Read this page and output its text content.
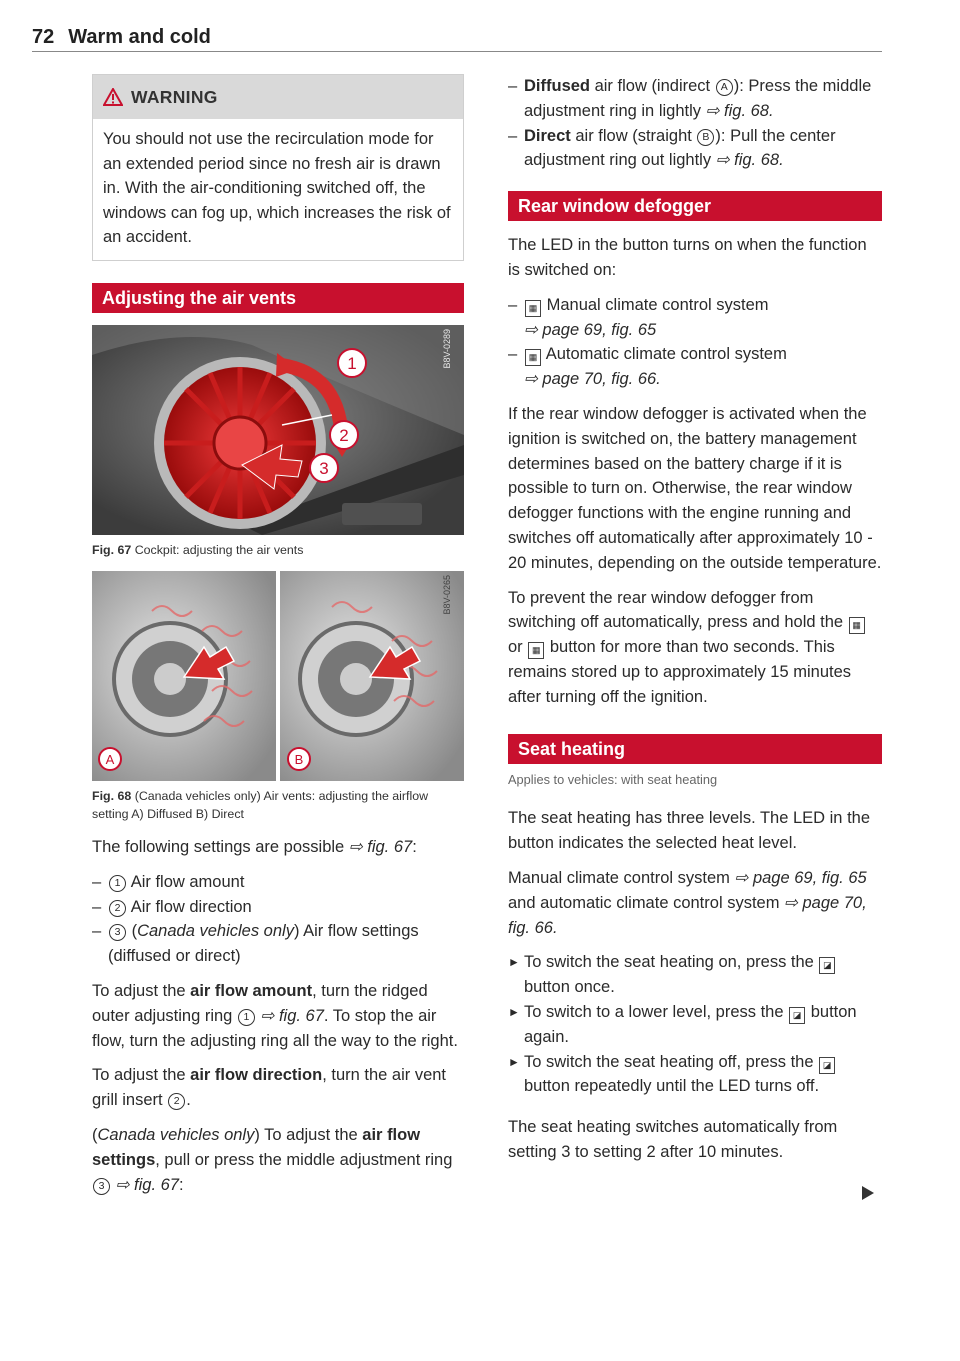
72 Warm and cold
WARNING
You should not use the recirculation mode for an extended period since no fresh air is drawn in. With the air-conditioning switched off, the windows can fog up, which increases the risk of an accident.
Adjusting the air vents
1
2
3
B8V-0289
Fig. 67 Cockpit: adjusting the air vents
A	B
B8V-0265
Fig. 68 (Canada vehicles only) Air vents: adjusting the airflow setting A) Diffused B) Direct

The following settings are possible ⇨ fig. 67:

– 1 Air flow amount
– 2 Air flow direction
– 3 (Canada vehicles only) Air flow settings (diffused or direct)

To adjust the air flow amount, turn the ridged outer adjusting ring 1 ⇨ fig. 67. To stop the air flow, turn the adjusting ring all the way to the right.

To adjust the air flow direction, turn the air vent grill insert 2 .

(Canada vehicles only) To adjust the air flow settings, pull or press the middle adjustment ring 3 ⇨ fig. 67:

– Diffused air flow (indirect A ): Press the middle adjustment ring in lightly ⇨ fig. 68.
– Direct air flow (straight B ): Pull the center adjustment ring out lightly ⇨ fig. 68.
Rear window defogger

The LED in the button turns on when the function is switched on:

– ▦ Manual climate control system
⇨ page 69, fig. 65
– ▦ Automatic climate control system
⇨ page 70, fig. 66.

If the rear window defogger is activated when the ignition is switched on, the battery management determines based on the battery charge if it is possible to turn on. Otherwise, the rear window defogger functions with the engine running and switches off automatically after approximately 10 - 20 minutes, depending on the outside temperature.

To prevent the rear window defogger from switching off automatically, press and hold the ▦ or ▦ button for more than two seconds. This remains stored up to approximately 15 minutes after turning off the ignition.

Seat heating
Applies to vehicles: with seat heating

The seat heating has three levels. The LED in the button indicates the selected heat level.

Manual climate control system ⇨ page 69, fig. 65 and automatic climate control system ⇨ page 70, fig. 66.

► To switch the seat heating on, press the ◪ button once.
► To switch to a lower level, press the ◪ button again.
► To switch the seat heating off, press the ◪ button repeatedly until the LED turns off.

The seat heating switches automatically from setting 3 to setting 2 after 10 minutes.
